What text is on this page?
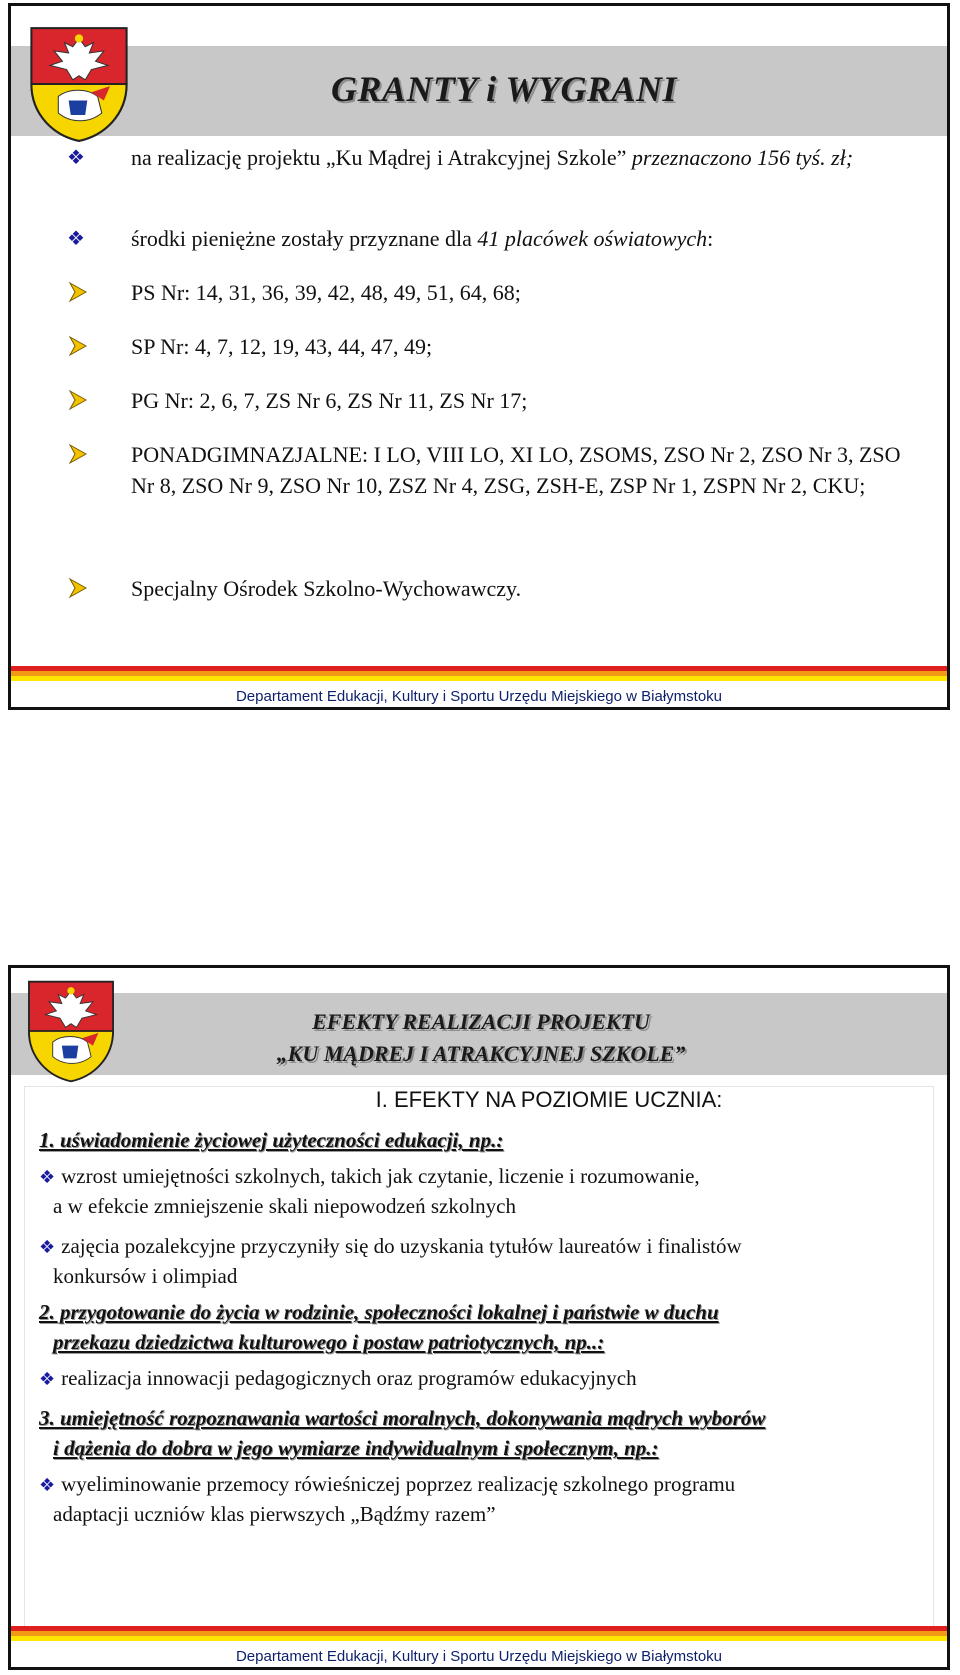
GRANTY i WYGRANI
❖	na realizację projektu „Ku Mądrej i Atrakcyjnej Szkole” przeznaczono 156 tyś. zł;
❖	środki pieniężne zostały przyznane dla 41 placówek oświatowych:
PS Nr: 14, 31, 36, 39, 42, 48, 49, 51, 64, 68;
SP Nr: 4, 7, 12, 19, 43, 44, 47, 49;
PG Nr: 2, 6, 7, ZS Nr 6, ZS Nr 11, ZS Nr 17;
PONADGIMNAZJALNE: I LO, VIII LO, XI LO, ZSOMS, ZSO Nr 2, ZSO Nr 3, ZSO Nr 8, ZSO Nr 9, ZSO Nr 10, ZSZ Nr 4, ZSG, ZSH-E, ZSP Nr 1, ZSPN Nr 2, CKU;
Specjalny Ośrodek Szkolno-Wychowawczy.
Departament Edukacji, Kultury i Sportu Urzędu Miejskiego w Białymstoku
EFEKTY REALIZACJI PROJEKTU
„KU MĄDREJ I ATRAKCYJNEJ SZKOLE”
I. EFEKTY NA POZIOMIE UCZNIA:
1. uświadomienie życiowej użyteczności edukacji, np.:
❖ wzrost umiejętności szkolnych, takich jak czytanie, liczenie i rozumowanie,
a w efekcie zmniejszenie skali niepowodzeń szkolnych
❖ zajęcia pozalekcyjne przyczyniły się do uzyskania tytułów laureatów i finalistów
konkursów i olimpiad
2. przygotowanie do życia w rodzinie, społeczności lokalnej i państwie w duchu
przekazu dziedzictwa kulturowego i postaw patriotycznych, np..:
❖ realizacja innowacji pedagogicznych oraz programów edukacyjnych
3. umiejętność rozpoznawania wartości moralnych, dokonywania mądrych wyborów
i dążenia do dobra w jego wymiarze indywidualnym i społecznym, np.:
❖ wyeliminowanie przemocy rówieśniczej poprzez realizację szkolnego programu
adaptacji uczniów klas pierwszych „Bądźmy razem”
Departament Edukacji, Kultury i Sportu Urzędu Miejskiego w Białymstoku
